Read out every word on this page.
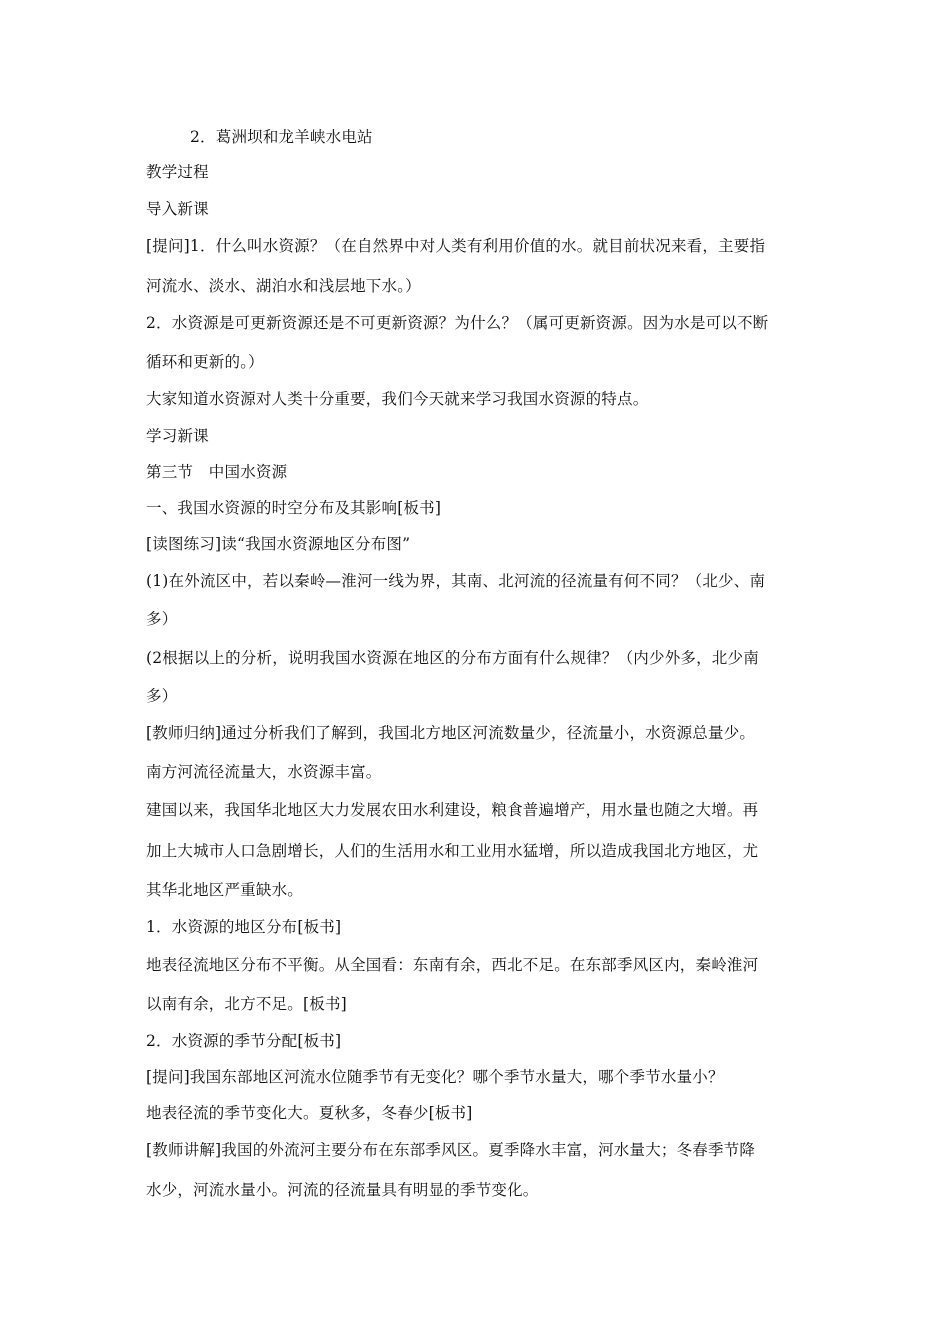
2．葛洲坝和龙羊峡水电站
教学过程
导入新课
[提问]1．什么叫水资源？（在自然界中对人类有利用价值的水。就目前状况来看，主要指
河流水、淡水、湖泊水和浅层地下水。）
2．水资源是可更新资源还是不可更新资源？为什么？（属可更新资源。因为水是可以不断
循环和更新的。）
大家知道水资源对人类十分重要，我们今天就来学习我国水资源的特点。
学习新课
第三节　中国水资源
一、我国水资源的时空分布及其影响[板书]
[读图练习]读“我国水资源地区分布图”
(1)在外流区中，若以秦岭—淮河一线为界，其南、北河流的径流量有何不同？（北少、南
多）
(2根据以上的分析，说明我国水资源在地区的分布方面有什么规律？（内少外多，北少南
多）
[教师归纳]通过分析我们了解到，我国北方地区河流数量少，径流量小，水资源总量少。
南方河流径流量大，水资源丰富。
建国以来，我国华北地区大力发展农田水利建设，粮食普遍增产，用水量也随之大增。再
加上大城市人口急剧增长，人们的生活用水和工业用水猛增，所以造成我国北方地区，尤
其华北地区严重缺水。
1．水资源的地区分布[板书]
地表径流地区分布不平衡。从全国看：东南有余，西北不足。在东部季风区内，秦岭淮河
以南有余，北方不足。[板书]
2．水资源的季节分配[板书]
[提问]我国东部地区河流水位随季节有无变化？哪个季节水量大，哪个季节水量小？
地表径流的季节变化大。夏秋多，冬春少[板书]
[教师讲解]我国的外流河主要分布在东部季风区。夏季降水丰富，河水量大；冬春季节降
水少，河流水量小。河流的径流量具有明显的季节变化。
